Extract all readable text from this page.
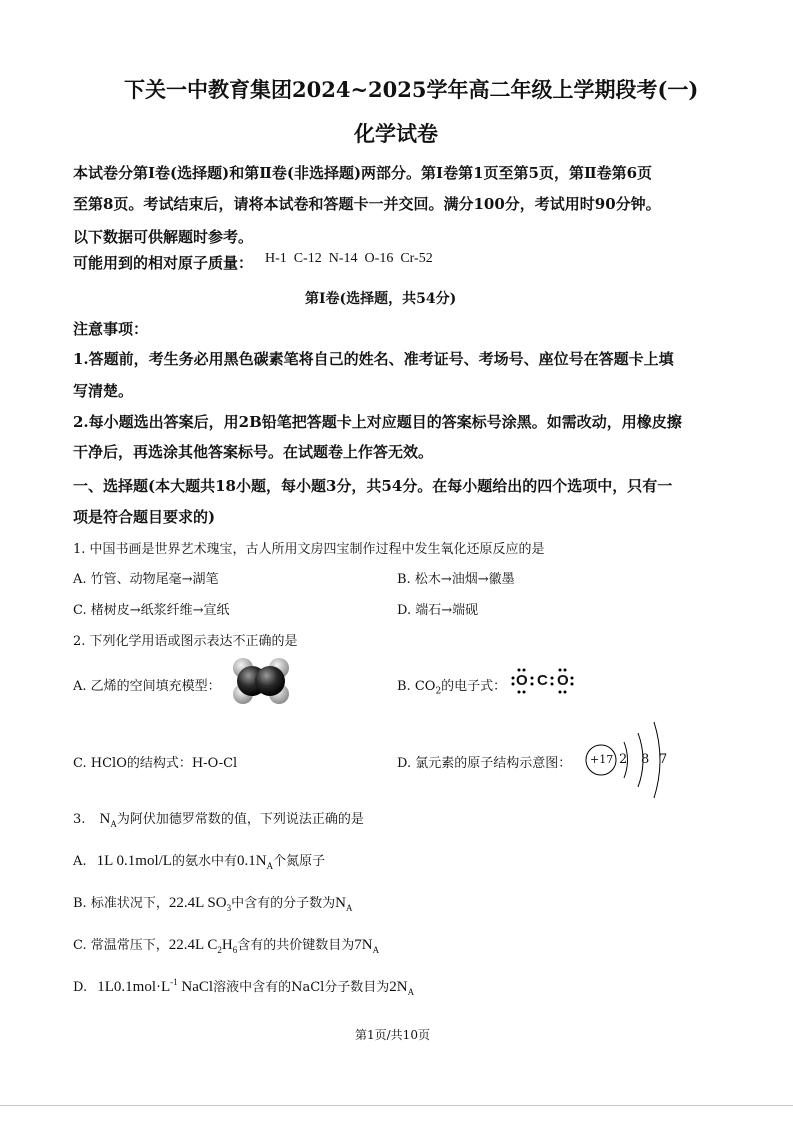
下关一中教育集团2024~2025学年高二年级上学期段考(一)
化学试卷
本试卷分第Ⅰ卷(选择题)和第Ⅱ卷(非选择题)两部分。第Ⅰ卷第1页至第5页，第Ⅱ卷第6页
至第8页。考试结束后，请将本试卷和答题卡一并交回。满分100分，考试用时90分钟。
以下数据可供解题时参考。
可能用到的相对原子质量： H-1  C-12  N-14  O-16  Cr-52
第Ⅰ卷(选择题，共54分)
注意事项：
1.答题前，考生务必用黑色碳素笔将自己的姓名、准考证号、考场号、座位号在答题卡上填
写清楚。
2.每小题选出答案后，用2B铅笔把答题卡上对应题目的答案标号涂黑。如需改动，用橡皮擦
干净后，再选涂其他答案标号。在试题卷上作答无效。
一、选择题(本大题共18小题，每小题3分，共54分。在每小题给出的四个选项中，只有一
项是符合题目要求的)
1. 中国书画是世界艺术瑰宝，古人所用文房四宝制作过程中发生氧化还原反应的是
A. 竹管、动物尾毫→湖笔	B. 松木→油烟→徽墨
C. 楮树皮→纸浆纤维→宣纸	D. 端石→端砚
2. 下列化学用语或图示表达不正确的是
A. 乙烯的空间填充模型：	B. $CO_2$的电子式： O C O
C. HClO的结构式：H-O-Cl	D. 氯元素的原子结构示意图： +17 2 8 7
3. $N_A$为阿伏加德罗常数的值，下列说法正确的是
A. 1L 0.1mol/L的氨水中有$0.1N_A$个氮原子
B. 标准状况下，22.4L $SO_3$中含有的分子数为$N_A$
C. 常温常压下，22.4L $C_2H_6$含有的共价键数目为$7N_A$
D. $1L0.1mol\cdot L^{-1}$ NaCl溶液中含有的NaCl分子数目为$2N_A$
第1页/共10页
